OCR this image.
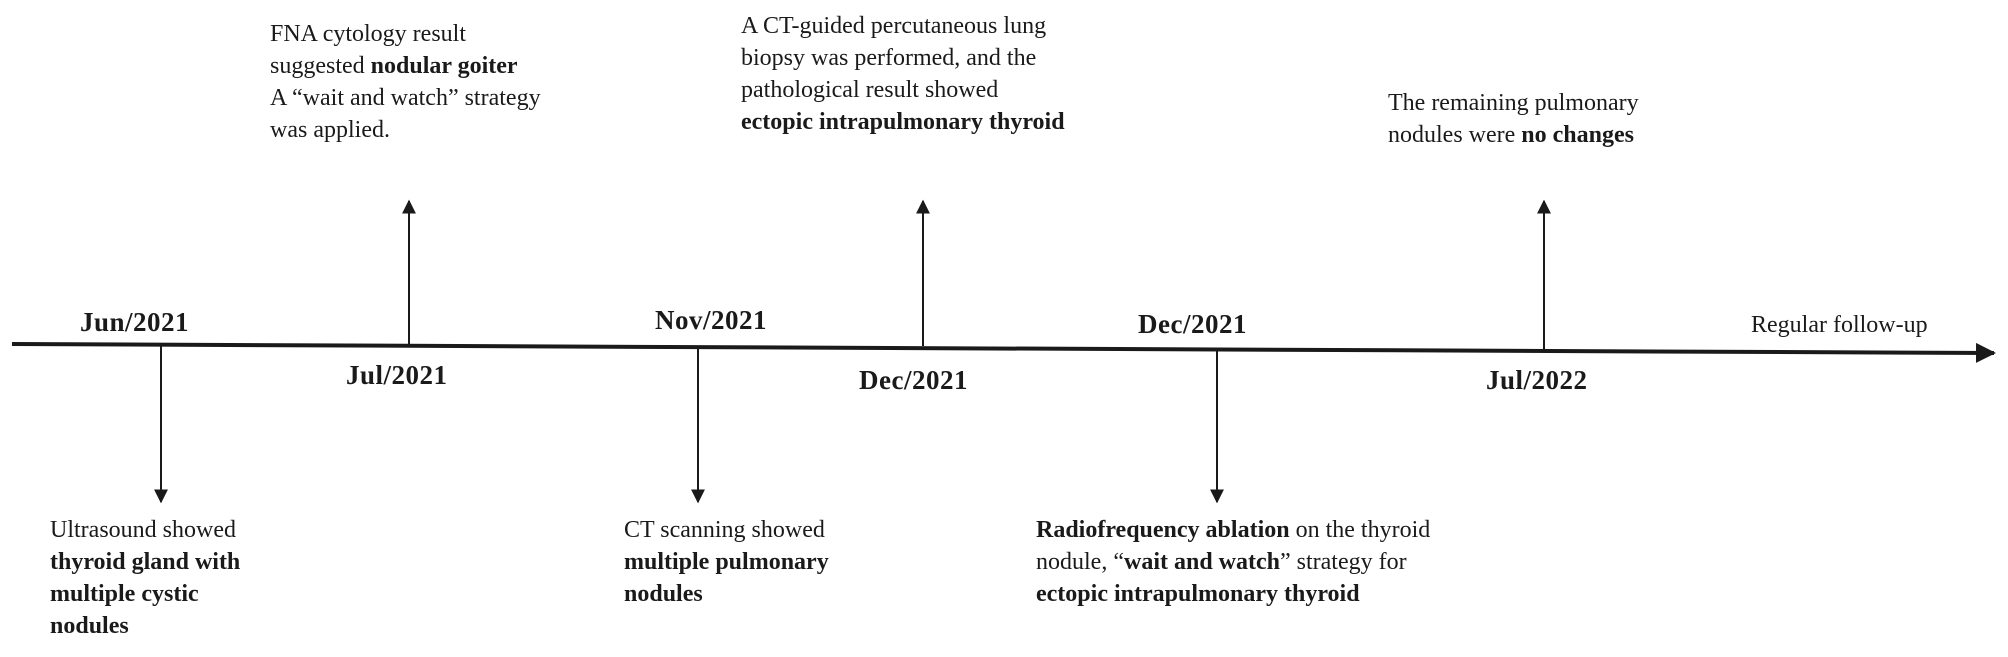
Jun/2021
Jul/2021
Nov/2021
Dec/2021
Dec/2021
Jul/2022
Regular follow-up
Ultrasound showed
thyroid gland with
multiple cystic
nodules
FNA cytology result
suggested nodular goiter
A “wait and watch” strategy
was applied.
CT scanning showed
multiple pulmonary
nodules
A CT-guided percutaneous lung
biopsy was performed, and the
pathological result showed
ectopic intrapulmonary thyroid
Radiofrequency ablation on the thyroid
nodule, “wait and watch” strategy for
ectopic intrapulmonary thyroid
The remaining pulmonary
nodules were no changes
